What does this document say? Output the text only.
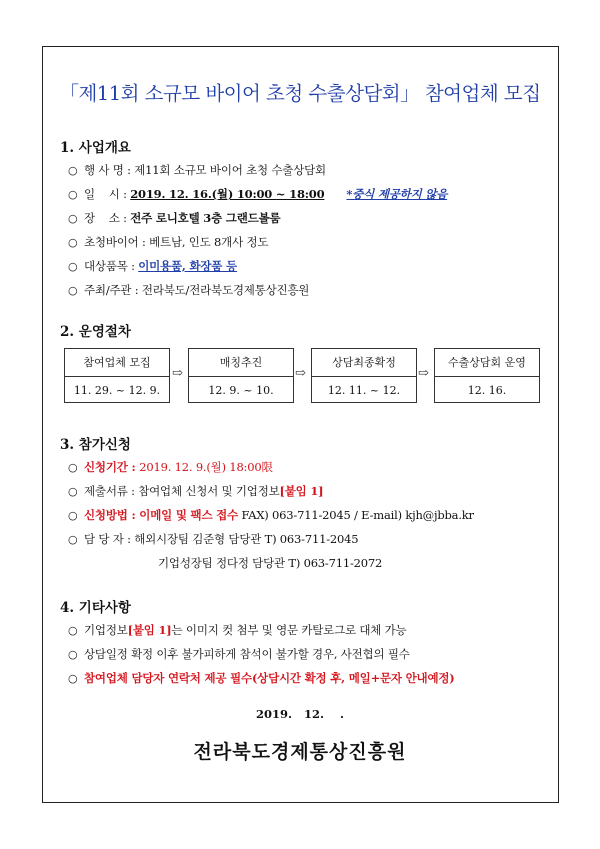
「제11회 소규모 바이어 초청 수출상담회」 참여업체 모집
1. 사업개요
○ 행 사 명 : 제11회 소규모 바이어 초청 수출상담회
○ 일    시 : 2019. 12. 16.(월) 10:00 ~ 18:00 *중식 제공하지 않음
○ 장    소 : 전주 로니호텔 3층 그랜드볼룸
○ 초청바이어 : 베트남, 인도 8개사 정도
○ 대상품목 : 이미용품, 화장품 등
○ 주최/주관 : 전라북도/전라북도경제통상진흥원
2. 운영절차
참여업체 모집
11. 29. ~ 12. 9.
⇨
매칭추진
12. 9. ~ 10.
⇨
상담최종확정
12. 11. ~ 12.
⇨
수출상담회 운영
12. 16.
3. 참가신청
○ 신청기간 : 2019. 12. 9.(월) 18:00限
○ 제출서류 : 참여업체 신청서 및 기업정보[붙임 1]
○ 신청방법 : 이메일 및 팩스 접수 FAX) 063-711-2045 / E-mail) kjh@jbba.kr
○ 담 당 자 : 해외시장팀 김준형 담당관 T) 063-711-2045
기업성장팀 정다정 담당관 T) 063-711-2072
4. 기타사항
○ 기업정보[붙임 1]는 이미지 컷 첨부 및 영문 카탈로그로 대체 가능
○ 상담일정 확정 이후 불가피하게 참석이 불가할 경우, 사전협의 필수
○ 참여업체 담당자 연락처 제공 필수(상담시간 확정 후, 메일+문자 안내예정)
2019.   12.    .
전라북도경제통상진흥원
